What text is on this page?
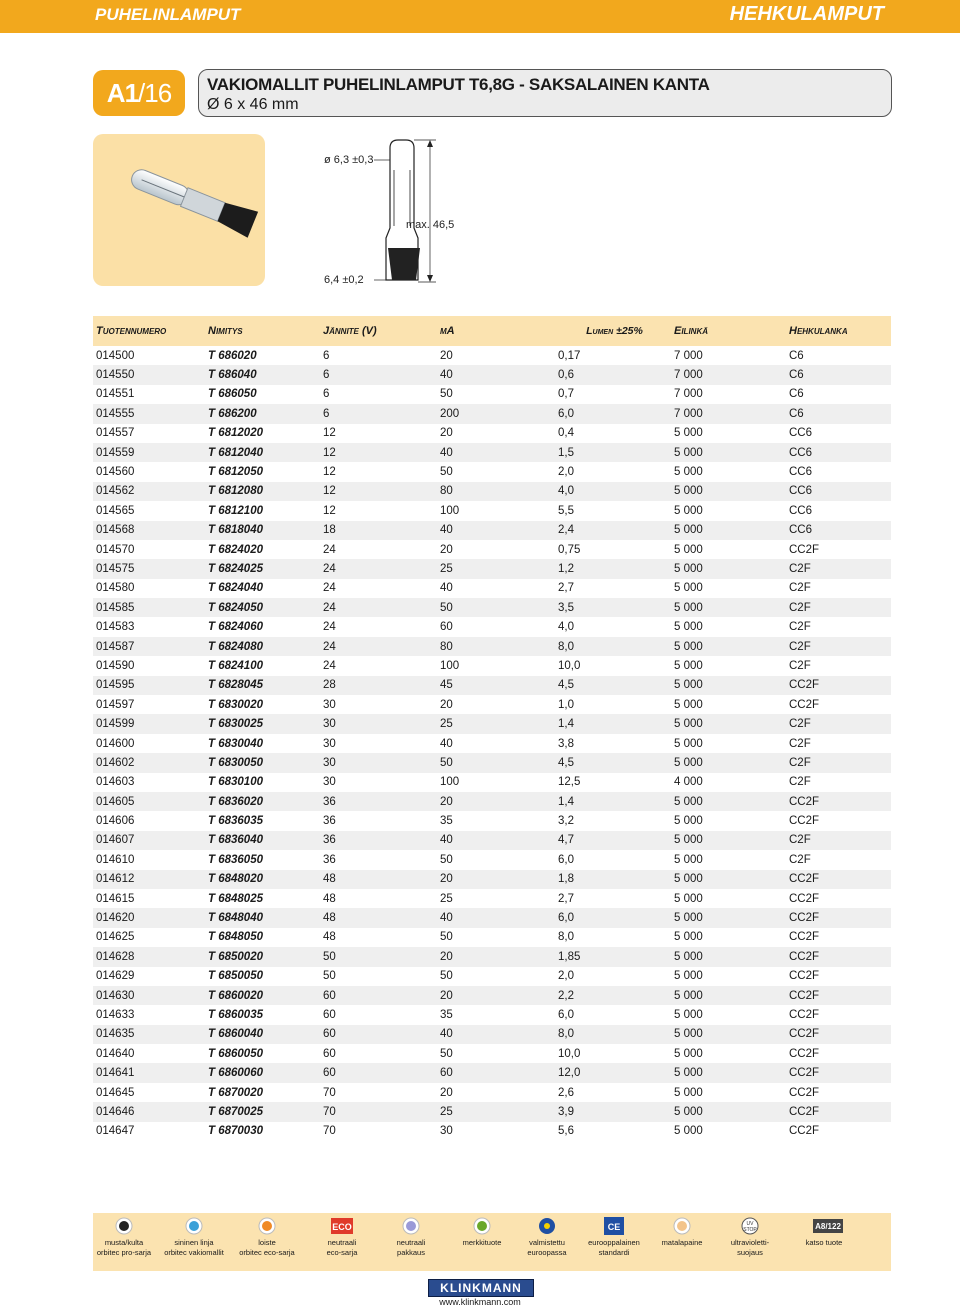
PUHELINLAMPUT	HEHKULAMPUT
A1/16	VAKIOMALLIT PUHELINLAMPUT T6,8G - SAKSALAINEN KANTA
Ø 6 x 46 mm
ø 6,3 ±0,3
max. 46,5
6,4 ±0,2
Tuotennumero	Nimitys	Jännite (V)	mA	Lumen ±25%	Eilinkä	Hehkulanka
014500	T 686020	6	20	0,17	7 000	C6
014550	T 686040	6	40	0,6	7 000	C6
014551	T 686050	6	50	0,7	7 000	C6
014555	T 686200	6	200	6,0	7 000	C6
014557	T 6812020	12	20	0,4	5 000	CC6
014559	T 6812040	12	40	1,5	5 000	CC6
014560	T 6812050	12	50	2,0	5 000	CC6
014562	T 6812080	12	80	4,0	5 000	CC6
014565	T 6812100	12	100	5,5	5 000	CC6
014568	T 6818040	18	40	2,4	5 000	CC6
014570	T 6824020	24	20	0,75	5 000	CC2F
014575	T 6824025	24	25	1,2	5 000	C2F
014580	T 6824040	24	40	2,7	5 000	C2F
014585	T 6824050	24	50	3,5	5 000	C2F
014583	T 6824060	24	60	4,0	5 000	C2F
014587	T 6824080	24	80	8,0	5 000	C2F
014590	T 6824100	24	100	10,0	5 000	C2F
014595	T 6828045	28	45	4,5	5 000	CC2F
014597	T 6830020	30	20	1,0	5 000	CC2F
014599	T 6830025	30	25	1,4	5 000	C2F
014600	T 6830040	30	40	3,8	5 000	C2F
014602	T 6830050	30	50	4,5	5 000	C2F
014603	T 6830100	30	100	12,5	4 000	C2F
014605	T 6836020	36	20	1,4	5 000	CC2F
014606	T 6836035	36	35	3,2	5 000	CC2F
014607	T 6836040	36	40	4,7	5 000	C2F
014610	T 6836050	36	50	6,0	5 000	C2F
014612	T 6848020	48	20	1,8	5 000	CC2F
014615	T 6848025	48	25	2,7	5 000	CC2F
014620	T 6848040	48	40	6,0	5 000	CC2F
014625	T 6848050	48	50	8,0	5 000	CC2F
014628	T 6850020	50	20	1,85	5 000	CC2F
014629	T 6850050	50	50	2,0	5 000	CC2F
014630	T 6860020	60	20	2,2	5 000	CC2F
014633	T 6860035	60	35	6,0	5 000	CC2F
014635	T 6860040	60	40	8,0	5 000	CC2F
014640	T 6860050	60	50	10,0	5 000	CC2F
014641	T 6860060	60	60	12,0	5 000	CC2F
014645	T 6870020	70	20	2,6	5 000	CC2F
014646	T 6870025	70	25	3,9	5 000	CC2F
014647	T 6870030	70	30	5,6	5 000	CC2F
musta/kulta
orbitec pro-sarja
sininen linja
orbitec vakiomallit
loiste
orbitec eco-sarja
ECO
neutraali
eco-sarja
neutraali
pakkaus
merkkituote	valmistettu
euroopassa
CE
eurooppalainen
standardi
matalapaine
UV
STOP
ultravioletti-
suojaus
A8/122
katso tuote
KLINKMANN
www.klinkmann.com
